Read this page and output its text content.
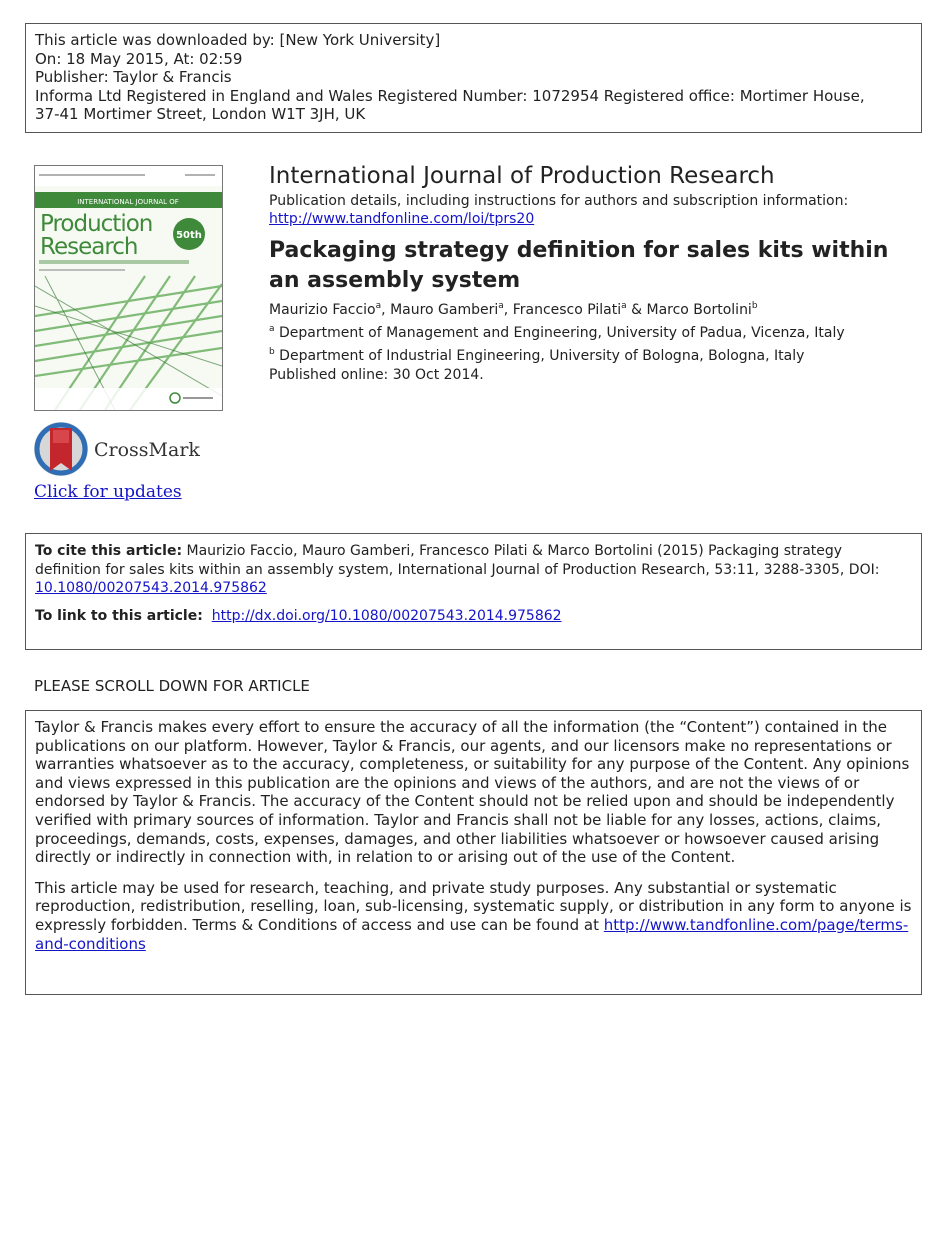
This article was downloaded by: [New York University]
On: 18 May 2015, At: 02:59
Publisher: Taylor & Francis
Informa Ltd Registered in England and Wales Registered Number: 1072954 Registered office: Mortimer House,
37-41 Mortimer Street, London W1T 3JH, UK
INTERNATIONAL JOURNAL OF
Production
Research	50th
CrossMark
Click for updates
International Journal of Production Research
Publication details, including instructions for authors and subscription information:
http://www.tandfonline.com/loi/tprs20
Packaging strategy definition for sales kits within an assembly system
Maurizio Faccio$^a$, Mauro Gamberi$^a$, Francesco Pilati$^a$ & Marco Bortolini$^b$
$^a$ Department of Management and Engineering, University of Padua, Vicenza, Italy
$^b$ Department of Industrial Engineering, University of Bologna, Bologna, Italy
Published online: 30 Oct 2014.
To cite this article: Maurizio Faccio, Mauro Gamberi, Francesco Pilati & Marco Bortolini (2015) Packaging strategy definition for sales kits within an assembly system, International Journal of Production Research, 53:11, 3288-3305, DOI: 10.1080/00207543.2014.975862
To link to this article: http://dx.doi.org/10.1080/00207543.2014.975862
PLEASE SCROLL DOWN FOR ARTICLE

Taylor & Francis makes every effort to ensure the accuracy of all the information (the “Content”) contained in the publications on our platform. However, Taylor & Francis, our agents, and our licensors make no representations or warranties whatsoever as to the accuracy, completeness, or suitability for any purpose of the Content. Any opinions and views expressed in this publication are the opinions and views of the authors, and are not the views of or endorsed by Taylor & Francis. The accuracy of the Content should not be relied upon and should be independently verified with primary sources of information. Taylor and Francis shall not be liable for any losses, actions, claims, proceedings, demands, costs, expenses, damages, and other liabilities whatsoever or howsoever caused arising directly or indirectly in connection with, in relation to or arising out of the use of the Content.

This article may be used for research, teaching, and private study purposes. Any substantial or systematic reproduction, redistribution, reselling, loan, sub-licensing, systematic supply, or distribution in any form to anyone is expressly forbidden. Terms & Conditions of access and use can be found at http://www.tandfonline.com/page/terms-and-conditions
